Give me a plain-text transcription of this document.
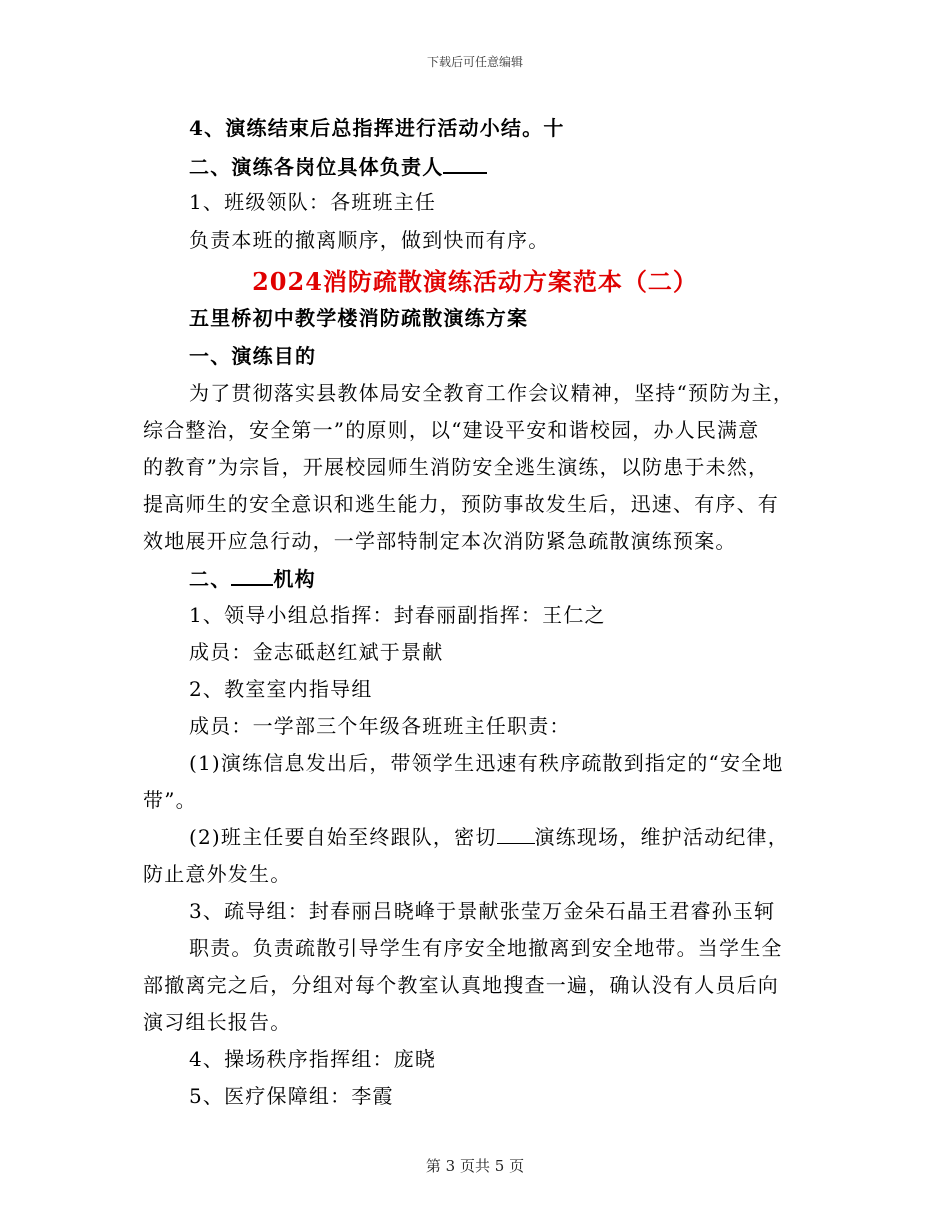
下载后可任意编辑
4、演练结束后总指挥进行活动小结。十
二、演练各岗位具体负责人
1、班级领队：各班班主任
负责本班的撤离顺序，做到快而有序。
2024消防疏散演练活动方案范本（二）
五里桥初中教学楼消防疏散演练方案
一、演练目的
为了贯彻落实县教体局安全教育工作会议精神，坚持“预防为主，
综合整治，安全第一”的原则，以“建设平安和谐校园，办人民满意
的教育”为宗旨，开展校园师生消防安全逃生演练，以防患于未然，
提高师生的安全意识和逃生能力，预防事故发生后，迅速、有序、有
效地展开应急行动，一学部特制定本次消防紧急疏散演练预案。
二、 机构
1、领导小组总指挥：封春丽副指挥：王仁之
成员：金志砥赵红斌于景献
2、教室室内指导组
成员：一学部三个年级各班班主任职责：
(1)演练信息发出后，带领学生迅速有秩序疏散到指定的“安全地
带”。
(2)班主任要自始至终跟队，密切 演练现场，维护活动纪律，
防止意外发生。
3、疏导组：封春丽吕晓峰于景献张莹万金朵石晶王君睿孙玉轲
职责。负责疏散引导学生有序安全地撤离到安全地带。当学生全
部撤离完之后，分组对每个教室认真地搜查一遍，确认没有人员后向
演习组长报告。
4、操场秩序指挥组：庞晓
5、医疗保障组：李霞
第 3 页共 5 页
